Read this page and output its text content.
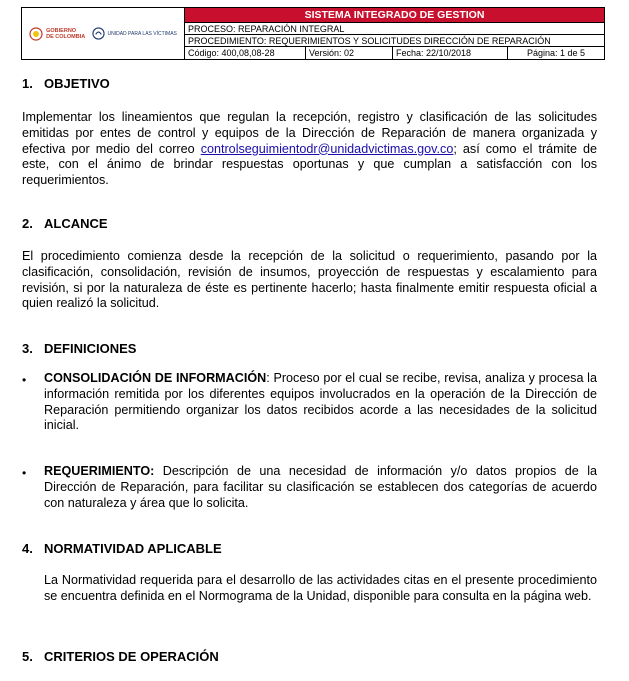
GOBIERNO
DE COLOMBIA	UNIDAD PARA LAS VÍCTIMAS
SISTEMA INTEGRADO DE GESTION
PROCESO: REPARACIÓN INTEGRAL
PROCEDIMIENTO: REQUERIMIENTOS Y SOLICITUDES DIRECCIÓN DE REPARACIÓN
Código: 400,08,08-28	Versión: 02	Fecha: 22/10/2018	Página: 1 de 5
1. OBJETIVO
Implementar los lineamientos que regulan la recepción, registro y clasificación de las solicitudes emitidas por entes de control y equipos de la Dirección de Reparación de manera organizada y efectiva por medio del correo controlseguimientodr@unidadvictimas.gov.co; así como el trámite de este, con el ánimo de brindar respuestas oportunas y que cumplan a satisfacción con los requerimientos.
2. ALCANCE
El procedimiento comienza desde la recepción de la solicitud o requerimiento, pasando por la clasificación, consolidación, revisión de insumos, proyección de respuestas y escalamiento para revisión, si por la naturaleza de éste es pertinente hacerlo; hasta finalmente emitir respuesta oficial a quien realizó la solicitud.
3. DEFINICIONES
• CONSOLIDACIÓN DE INFORMACIÓN: Proceso por el cual se recibe, revisa, analiza y procesa la información remitida por los diferentes equipos involucrados en la operación de la Dirección de Reparación permitiendo organizar los datos recibidos acorde a las necesidades de la solicitud inicial.
• REQUERIMIENTO: Descripción de una necesidad de información y/o datos propios de la Dirección de Reparación, para facilitar su clasificación se establecen dos categorías de acuerdo con naturaleza y área que lo solicita.
4. NORMATIVIDAD APLICABLE
La Normatividad requerida para el desarrollo de las actividades citas en el presente procedimiento se encuentra definida en el Normograma de la Unidad, disponible para consulta en la página web.
5. CRITERIOS DE OPERACIÓN
